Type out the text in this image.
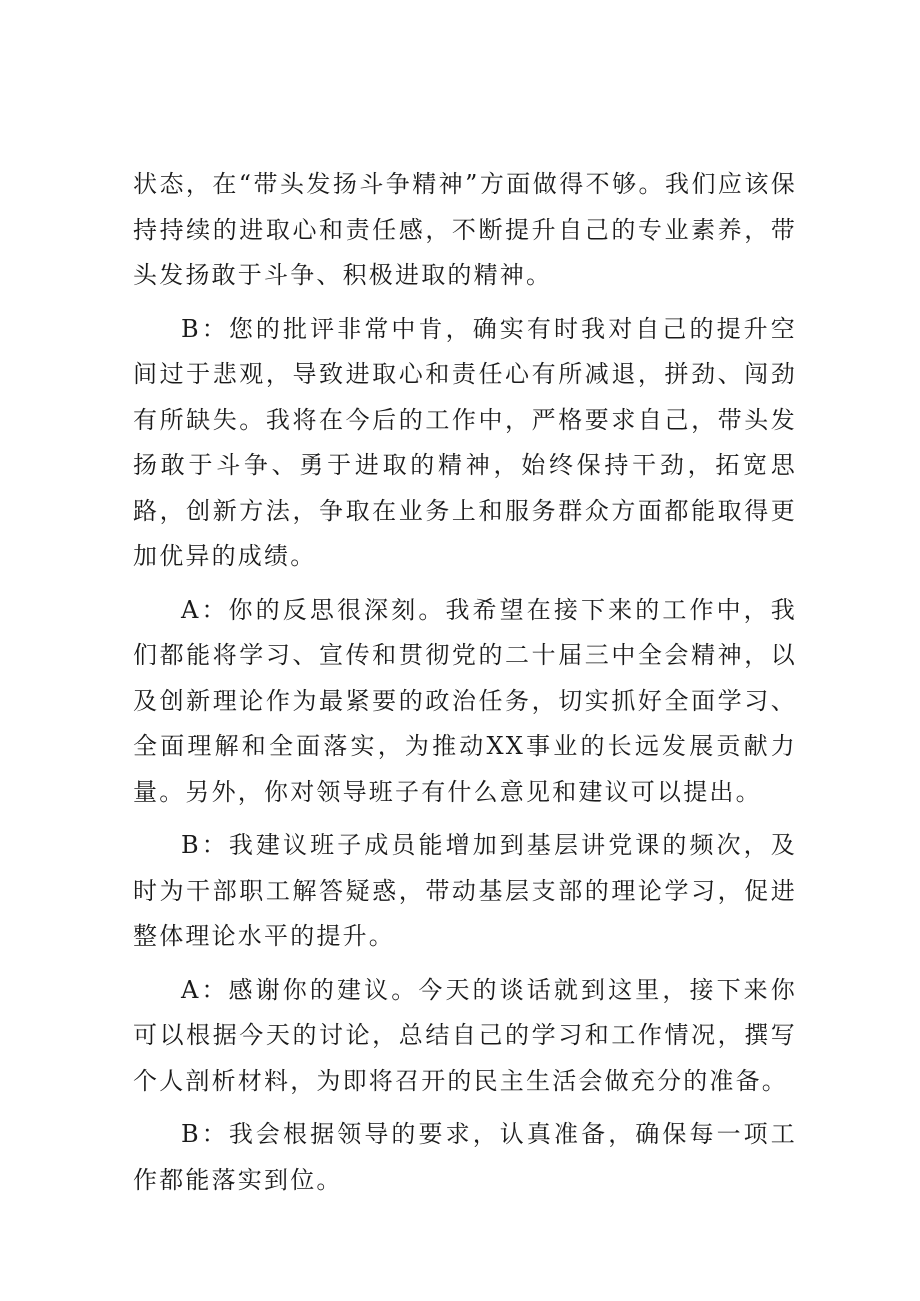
状态，在“带头发扬斗争精神”方面做得不够。我们应该保持持续的进取心和责任感，不断提升自己的专业素养，带头发扬敢于斗争、积极进取的精神。

B：您的批评非常中肯，确实有时我对自己的提升空间过于悲观，导致进取心和责任心有所减退，拼劲、闯劲有所缺失。我将在今后的工作中，严格要求自己，带头发扬敢于斗争、勇于进取的精神，始终保持干劲，拓宽思路，创新方法，争取在业务上和服务群众方面都能取得更加优异的成绩。

A：你的反思很深刻。我希望在接下来的工作中，我们都能将学习、宣传和贯彻党的二十届三中全会精神，以及创新理论作为最紧要的政治任务，切实抓好全面学习、全面理解和全面落实，为推动XX事业的长远发展贡献力量。另外，你对领导班子有什么意见和建议可以提出。

B：我建议班子成员能增加到基层讲党课的频次，及时为干部职工解答疑惑，带动基层支部的理论学习，促进整体理论水平的提升。

A：感谢你的建议。今天的谈话就到这里，接下来你可以根据今天的讨论，总结自己的学习和工作情况，撰写个人剖析材料，为即将召开的民主生活会做充分的准备。

B：我会根据领导的要求，认真准备，确保每一项工作都能落实到位。
